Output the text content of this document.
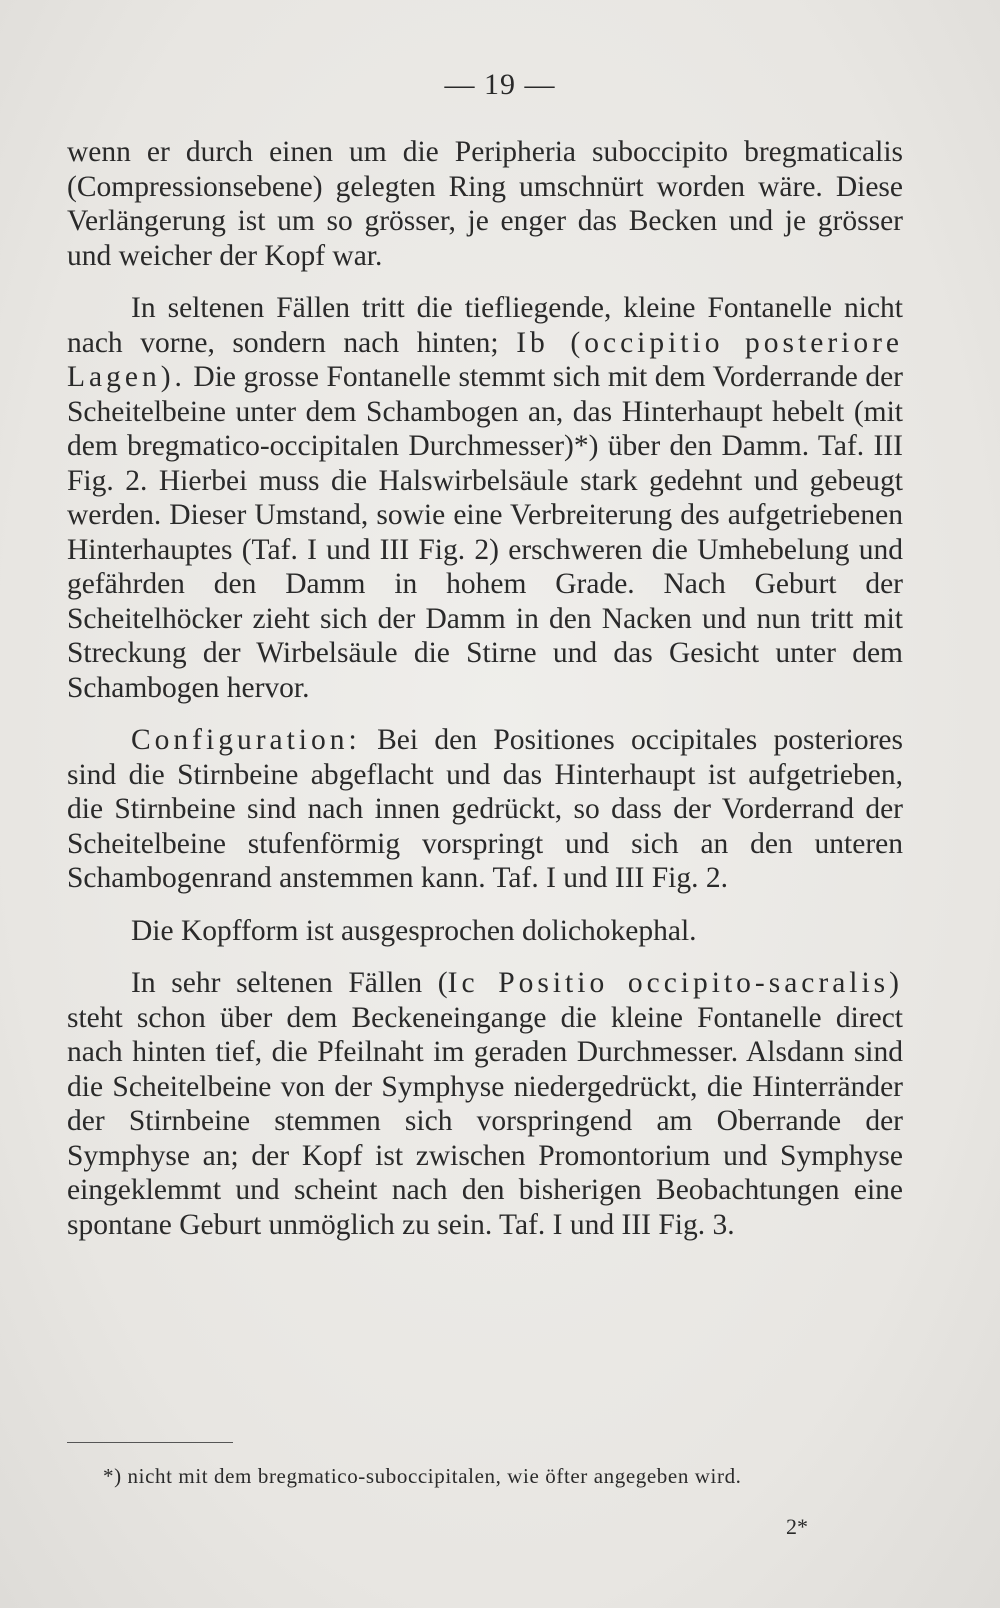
— 19 —

wenn er durch einen um die Peripheria suboccipito bregmaticalis (Compressionsebene) gelegten Ring umschnürt worden wäre. Diese Verlängerung ist um so grösser, je enger das Becken und je grösser und weicher der Kopf war.

In seltenen Fällen tritt die tiefliegende, kleine Fontanelle nicht nach vorne, sondern nach hinten; Ib (occipitio posteriore Lagen). Die grosse Fontanelle stemmt sich mit dem Vorderrande der Scheitelbeine unter dem Schambogen an, das Hinterhaupt hebelt (mit dem bregmatico-occipitalen Durchmesser)*) über den Damm. Taf. III Fig. 2. Hierbei muss die Halswirbelsäule stark gedehnt und gebeugt werden. Dieser Umstand, sowie eine Verbreiterung des aufgetriebenen Hinterhauptes (Taf. I und III Fig. 2) erschweren die Umhebelung und gefährden den Damm in hohem Grade. Nach Geburt der Scheitelhöcker zieht sich der Damm in den Nacken und nun tritt mit Streckung der Wirbelsäule die Stirne und das Gesicht unter dem Schambogen hervor.

Configuration: Bei den Positiones occipitales posteriores sind die Stirnbeine abgeflacht und das Hinterhaupt ist aufgetrieben, die Stirnbeine sind nach innen gedrückt, so dass der Vorderrand der Scheitelbeine stufenförmig vorspringt und sich an den unteren Schambogenrand anstemmen kann. Taf. I und III Fig. 2.

Die Kopfform ist ausgesprochen dolichokephal.

In sehr seltenen Fällen (Ic Positio occipito-sacralis) steht schon über dem Beckeneingange die kleine Fontanelle direct nach hinten tief, die Pfeilnaht im geraden Durchmesser. Alsdann sind die Scheitelbeine von der Symphyse niedergedrückt, die Hinterränder der Stirnbeine stemmen sich vorspringend am Oberrande der Symphyse an; der Kopf ist zwischen Promontorium und Symphyse eingeklemmt und scheint nach den bisherigen Beobachtungen eine spontane Geburt unmöglich zu sein. Taf. I und III Fig. 3.

*) nicht mit dem bregmatico-suboccipitalen, wie öfter angegeben wird.
2*
